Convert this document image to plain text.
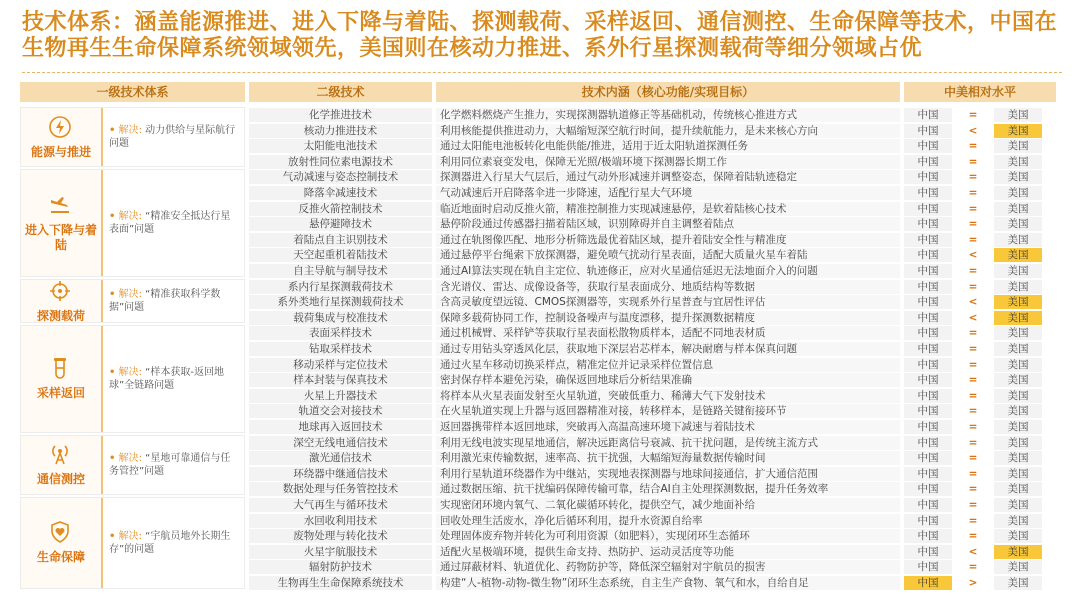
技术体系：涵盖能源推进、进入下降与着陆、探测载荷、采样返回、通信测控、生命保障等技术，中国在生物再生生命保障系统领域领先，美国则在核动力推进、系外行星探测载荷等细分领域占优
一级技术体系	二级技术	技术内涵（核心功能/实现目标）	中美相对水平
能源与推进
• 解决: 动力供给与星际航行问题
进入下降与着陆
• 解决: “精准安全抵达行星表面”问题
探测载荷
• 解决: “精准获取科学数据”问题
采样返回
• 解决: “样本获取-返回地球”全链路问题
通信测控
• 解决: “星地可靠通信与任务管控”问题
生命保障
• 解决: “宇航员地外长期生存”的问题
化学推进技术	化学燃料燃烧产生推力，实现探测器轨道修正等基础机动，传统核心推进方式	中国	=	美国
核动力推进技术	利用核能提供推进动力，大幅缩短深空航行时间，提升续航能力，是未来核心方向	中国	<	美国
太阳能电池技术	通过太阳能电池板转化电能供能/推进，适用于近太阳轨道探测任务	中国	=	美国
放射性同位素电源技术	利用同位素衰变发电，保障无光照/极端环境下探测器长期工作	中国	=	美国
气动减速与姿态控制技术	探测器进入行星大气层后，通过气动外形减速并调整姿态，保障着陆轨迹稳定	中国	=	美国
降落伞减速技术	气动减速后开启降落伞进一步降速，适配行星大气环境	中国	=	美国
反推火箭控制技术	临近地面时启动反推火箭，精准控制推力实现减速悬停，是软着陆核心技术	中国	=	美国
悬停避障技术	悬停阶段通过传感器扫描着陆区域，识别障碍并自主调整着陆点	中国	=	美国
着陆点自主识别技术	通过在轨图像匹配、地形分析筛选最优着陆区域，提升着陆安全性与精准度	中国	=	美国
天空起重机着陆技术	通过悬停平台绳索下放探测器，避免喷气扰动行星表面，适配大质量火星车着陆	中国	<	美国
自主导航与制导技术	通过AI算法实现在轨自主定位、轨迹修正，应对火星通信延迟无法地面介入的问题	中国	=	美国
系内行星探测载荷技术	含光谱仪、雷达、成像设备等，获取行星表面成分、地质结构等数据	中国	=	美国
系外类地行星探测载荷技术	含高灵敏度望远镜、CMOS探测器等，实现系外行星普查与宜居性评估	中国	<	美国
载荷集成与校准技术	保障多载荷协同工作，控制设备噪声与温度漂移，提升探测数据精度	中国	<	美国
表面采样技术	通过机械臂、采样铲等获取行星表面松散物质样本，适配不同地表材质	中国	=	美国
钻取采样技术	通过专用钻头穿透风化层，获取地下深层岩芯样本，解决耐磨与样本保真问题	中国	=	美国
移动采样与定位技术	通过火星车移动切换采样点，精准定位并记录采样位置信息	中国	=	美国
样本封装与保真技术	密封保存样本避免污染，确保返回地球后分析结果准确	中国	=	美国
火星上升器技术	将样本从火星表面发射至火星轨道，突破低重力、稀薄大气下发射技术	中国	=	美国
轨道交会对接技术	在火星轨道实现上升器与返回器精准对接，转移样本，是链路关键衔接环节	中国	=	美国
地球再入返回技术	返回器携带样本返回地球，突破再入高温高速环境下减速与着陆技术	中国	=	美国
深空无线电通信技术	利用无线电波实现星地通信，解决远距离信号衰减、抗干扰问题，是传统主流方式	中国	=	美国
激光通信技术	利用激光束传输数据，速率高、抗干扰强，大幅缩短海量数据传输时间	中国	=	美国
环绕器中继通信技术	利用行星轨道环绕器作为中继站，实现地表探测器与地球间接通信，扩大通信范围	中国	=	美国
数据处理与任务管控技术	通过数据压缩、抗干扰编码保障传输可靠，结合AI自主处理探测数据，提升任务效率	中国	=	美国
大气再生与循环技术	实现密闭环境内氧气、二氧化碳循环转化，提供空气，减少地面补给	中国	=	美国
水回收利用技术	回收处理生活废水，净化后循环利用，提升水资源自给率	中国	=	美国
废物处理与转化技术	处理固体废弃物并转化为可利用资源（如肥料），实现闭环生态循环	中国	=	美国
火星宇航服技术	适配火星极端环境，提供生命支持、热防护、运动灵活度等功能	中国	<	美国
辐射防护技术	通过屏蔽材料、轨道优化、药物防护等，降低深空辐射对宇航员的损害	中国	=	美国
生物再生生命保障系统技术	构建“人-植物-动物-微生物”闭环生态系统，自主生产食物、氧气和水，自给自足	中国	>	美国
